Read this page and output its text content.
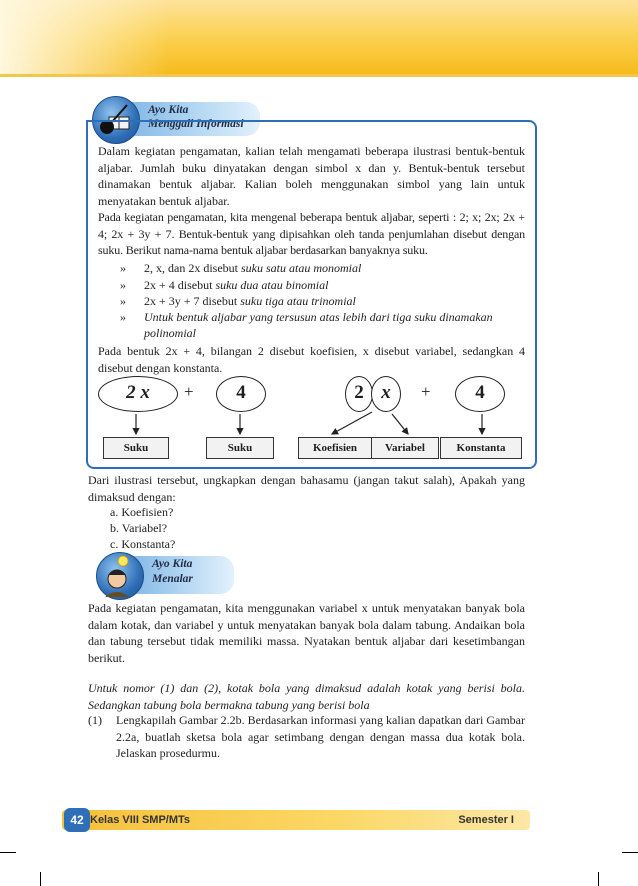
Ayo Kita
Menggali Informasi
Dalam kegiatan pengamatan, kalian telah mengamati beberapa ilustrasi bentuk-bentuk aljabar. Jumlah buku dinyatakan dengan simbol x dan y. Bentuk-bentuk tersebut dinamakan bentuk aljabar. Kalian boleh menggunakan simbol yang lain untuk menyatakan bentuk aljabar.
Pada kegiatan pengamatan, kita mengenal beberapa bentuk aljabar, seperti : 2; x; 2x; 2x + 4; 2x + 3y + 7. Bentuk-bentuk yang dipisahkan oleh tanda penjumlahan disebut dengan suku. Berikut nama-nama bentuk aljabar berdasarkan banyaknya suku.
» 2, x, dan 2x disebut suku satu atau monomial
» 2x + 4 disebut suku dua atau binomial
» 2x + 3y + 7 disebut suku tiga atau trinomial
» Untuk bentuk aljabar yang tersusun atas lebih dari tiga suku dinamakan
polinomial
Pada bentuk 2x + 4, bilangan 2 disebut koefisien, x disebut variabel, sedangkan 4 disebut dengan konstanta.
2 x	+	4	2 x	+	4
Suku	Suku	Koefisien	Variabel	Konstanta
Dari ilustrasi tersebut, ungkapkan dengan bahasamu (jangan takut salah), Apakah yang dimaksud dengan:
a. Koefisien?
b. Variabel?
c. Konstanta?
Ayo Kita
Menalar
Pada kegiatan pengamatan, kita menggunakan variabel x untuk menyatakan banyak bola dalam kotak, dan variabel y untuk menyatakan banyak bola dalam tabung. Andaikan bola dan tabung tersebut tidak memiliki massa. Nyatakan bentuk aljabar dari kesetimbangan berikut.
Untuk nomor (1) dan (2), kotak bola yang dimaksud adalah kotak yang berisi bola. Sedangkan tabung bola bermakna tabung yang berisi bola
(1)	Lengkapilah Gambar 2.2b. Berdasarkan informasi yang kalian dapatkan dari Gambar 2.2a, buatlah sketsa bola agar setimbang dengan dengan massa dua kotak bola. Jelaskan prosedurmu.
Kelas VIII SMP/MTs	Semester I
42
